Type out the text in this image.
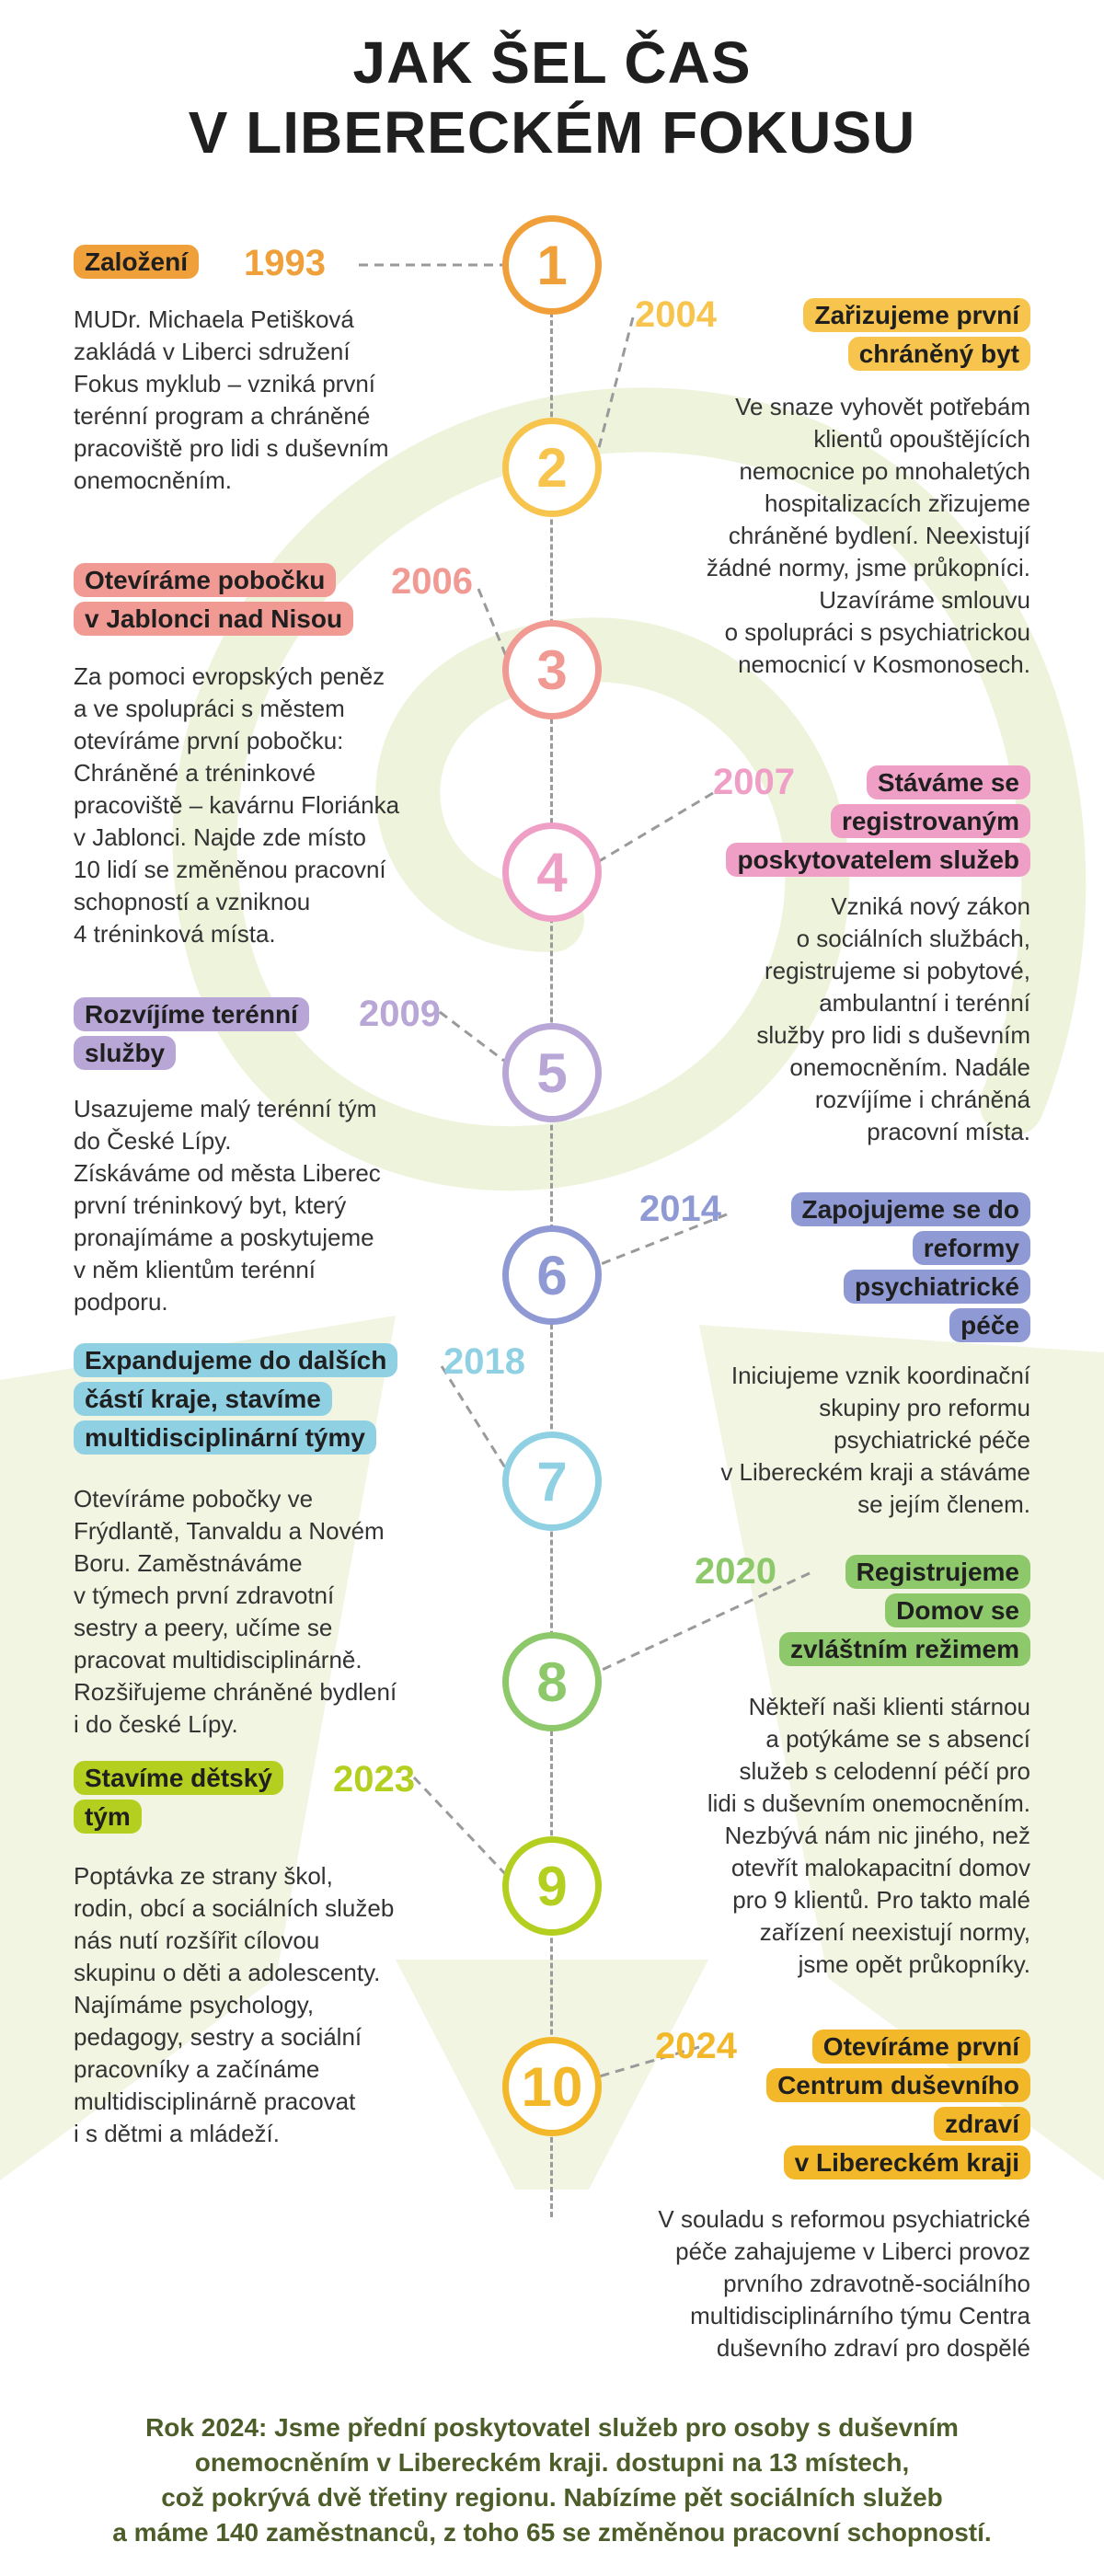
JAK ŠEL ČAS
V LIBERECKÉM FOKUSU
1
1993
Založení
MUDr. Michaela Petišková
zakládá v Liberci sdružení
Fokus myklub – vzniká první
terénní program a chráněné
pracoviště pro lidi s duševním
onemocněním.	2
2004	Zařizujeme první
chráněný byt
Ve snaze vyhovět potřebám
klientů opouštějících
nemocnice po mnohaletých
hospitalizacích zřizujeme
chráněné bydlení. Neexistují
žádné normy, jsme průkopníci.
Uzavíráme smlouvu
o spolupráci s psychiatrickou
nemocnicí v Kosmonosech.
3
2006
Otevíráme pobočku
v Jablonci nad Nisou
Za pomoci evropských peněz
a ve spolupráci s městem
otevíráme první pobočku:
Chráněné a tréninkové
pracoviště – kavárnu Floriánka
v Jablonci. Najde zde místo
10 lidí se změněnou pracovní
schopností a vzniknou
4 tréninková místa.
4
2007	Stáváme se
registrovaným
poskytovatelem služeb
Vzniká nový zákon
o sociálních službách,
registrujeme si pobytové,
ambulantní i terénní
služby pro lidi s duševním
onemocněním. Nadále
rozvíjíme i chráněná
pracovní místa.
5
2009
Rozvíjíme terénní
služby
Usazujeme malý terénní tým
do České Lípy.
Získáváme od města Liberec
první tréninkový byt, který
pronajímáme a poskytujeme
v něm klientům terénní
podporu.	6
2014	Zapojujeme se do
reformy
psychiatrické
péče
Iniciujeme vznik koordinační
skupiny pro reformu
psychiatrické péče
v Libereckém kraji a stáváme
se jejím členem.
7
2018
Expandujeme do dalších
částí kraje, stavíme
multidisciplinární týmy
Otevíráme pobočky ve
Frýdlantě, Tanvaldu a Novém
Boru. Zaměstnáváme
v týmech první zdravotní
sestry a peery, učíme se
pracovat multidisciplinárně.
Rozšiřujeme chráněné bydlení
i do české Lípy.
8
2020	Registrujeme
Domov se
zvláštním režimem
Někteří naši klienti stárnou
a potýkáme se s absencí
služeb s celodenní péčí pro
lidi s duševním onemocněním.
Nezbývá nám nic jiného, než
otevřít malokapacitní domov
pro 9 klientů. Pro takto malé
zařízení neexistují normy,
jsme opět průkopníky.
9
2023
Stavíme dětský
tým
Poptávka ze strany škol,
rodin, obcí a sociálních služeb
nás nutí rozšířit cílovou
skupinu o děti a adolescenty.
Najímáme psychology,
pedagogy, sestry a sociální
pracovníky a začínáme
multidisciplinárně pracovat
i s dětmi a mládeží.
10
2024	Otevíráme první
Centrum duševního
zdraví
v Libereckém kraji
V souladu s reformou psychiatrické
péče zahajujeme v Liberci provoz
prvního zdravotně-sociálního
multidisciplinárního týmu Centra
duševního zdraví pro dospělé
Rok 2024: Jsme přední poskytovatel služeb pro osoby s duševním
onemocněním v Libereckém kraji. dostupni na 13 místech,
což pokrývá dvě třetiny regionu. Nabízíme pět sociálních služeb
a máme 140 zaměstnanců, z toho 65 se změněnou pracovní schopností.
